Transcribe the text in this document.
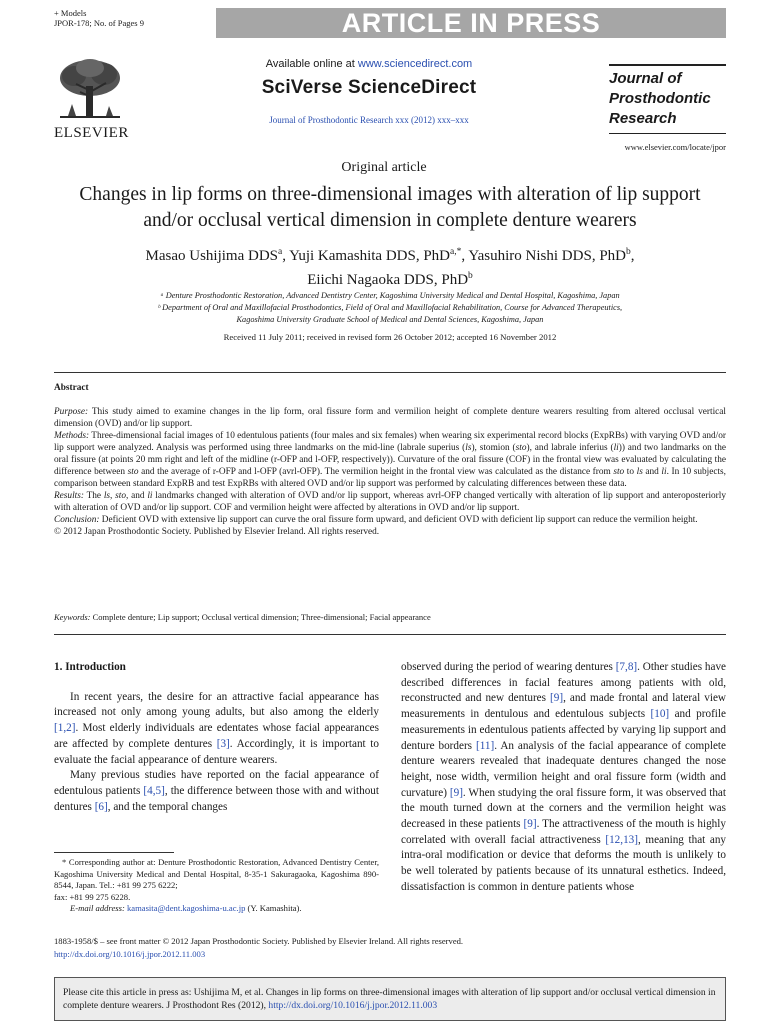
+ Models
JPOR-178; No. of Pages 9	ARTICLE IN PRESS
ELSEVIER
Available online at www.sciencedirect.com
SciVerse ScienceDirect
Journal of Prosthodontic Research xxx (2012) xxx–xxx
Journal of
Prosthodontic
Research
www.elsevier.com/locate/jpor
Original article
Changes in lip forms on three-dimensional images with alteration of lip support and/or occlusal vertical dimension in complete denture wearers
Masao Ushijima DDS$^a$, Yuji Kamashita DDS, PhD$^{a,*}$, Yasuhiro Nishi DDS, PhD$^b$,
Eiichi Nagaoka DDS, PhD$^b$
ᵃ Denture Prosthodontic Restoration, Advanced Dentistry Center, Kagoshima University Medical and Dental Hospital, Kagoshima, Japan
ᵇ Department of Oral and Maxillofacial Prosthodontics, Field of Oral and Maxillofacial Rehabilitation, Course for Advanced Therapeutics,
Kagoshima University Graduate School of Medical and Dental Sciences, Kagoshima, Japan
Received 11 July 2011; received in revised form 26 October 2012; accepted 16 November 2012
Abstract
Purpose: This study aimed to examine changes in the lip form, oral fissure form and vermilion height of complete denture wearers resulting from altered occlusal vertical dimension (OVD) and/or lip support.
Methods: Three-dimensional facial images of 10 edentulous patients (four males and six females) when wearing six experimental record blocks (ExpRBs) with varying OVD and/or lip support were analyzed. Analysis was performed using three landmarks on the mid-line (labrale superius (ls), stomion (sto), and labrale inferius (li)) and two landmarks on the oral fissure (at points 20 mm right and left of the midline (r-OFP and l-OFP, respectively)). Curvature of the oral fissure (COF) in the frontal view was evaluated by calculating the difference between sto and the average of r-OFP and l-OFP (avrl-OFP). The vermilion height in the frontal view was calculated as the distance from sto to ls and li. In 10 subjects, comparison between standard ExpRB and test ExpRBs with altered OVD and/or lip support was performed by calculating differences between these data.
Results: The ls, sto, and li landmarks changed with alteration of OVD and/or lip support, whereas avrl-OFP changed vertically with alteration of lip support and anteroposteriorly with alteration of OVD and/or lip support. COF and vermilion height were affected by alterations in OVD and/or lip support.
Conclusion: Deficient OVD with extensive lip support can curve the oral fissure form upward, and deficient OVD with deficient lip support can reduce the vermilion height.
© 2012 Japan Prosthodontic Society. Published by Elsevier Ireland. All rights reserved.
Keywords: Complete denture; Lip support; Occlusal vertical dimension; Three-dimensional; Facial appearance
1. Introduction

In recent years, the desire for an attractive facial appearance has increased not only among young adults, but also among the elderly [1,2]. Most elderly individuals are edentates whose facial appearances are affected by complete dentures [3]. Accordingly, it is important to evaluate the facial appearance of denture wearers.

Many previous studies have reported on the facial appearance of edentulous patients [4,5], the difference between those with and without dentures [6], and the temporal changes

observed during the period of wearing dentures [7,8]. Other studies have described differences in facial features among patients with old, reconstructed and new dentures [9], and made frontal and lateral view measurements in dentulous and edentulous subjects [10] and profile measurements in edentulous patients affected by varying lip support and denture borders [11]. An analysis of the facial appearance of complete denture wearers revealed that inadequate dentures changed the nose height, nose width, vermilion height and oral fissure form (width and curvature) [9]. When studying the oral fissure form, it was observed that the mouth turned down at the corners and the vermilion height was decreased in these patients [9]. The attractiveness of the mouth is highly correlated with overall facial attractiveness [12,13], meaning that any intra-oral modification or device that deforms the mouth is unlikely to be well tolerated by patients because of its unnatural esthetics. Indeed, dissatisfaction is common in denture patients whose

* Corresponding author at: Denture Prosthodontic Restoration, Advanced Dentistry Center, Kagoshima University Medical and Dental Hospital, 8-35-1 Sakuragaoka, Kagoshima 890-8544, Japan. Tel.: +81 99 275 6222;
fax: +81 99 275 6228.
E-mail address: kamasita@dent.kagoshima-u.ac.jp (Y. Kamashita).
1883-1958/$ – see front matter © 2012 Japan Prosthodontic Society. Published by Elsevier Ireland. All rights reserved.
http://dx.doi.org/10.1016/j.jpor.2012.11.003
Please cite this article in press as: Ushijima M, et al. Changes in lip forms on three-dimensional images with alteration of lip support and/or occlusal vertical dimension in complete denture wearers. J Prosthodont Res (2012), http://dx.doi.org/10.1016/j.jpor.2012.11.003
